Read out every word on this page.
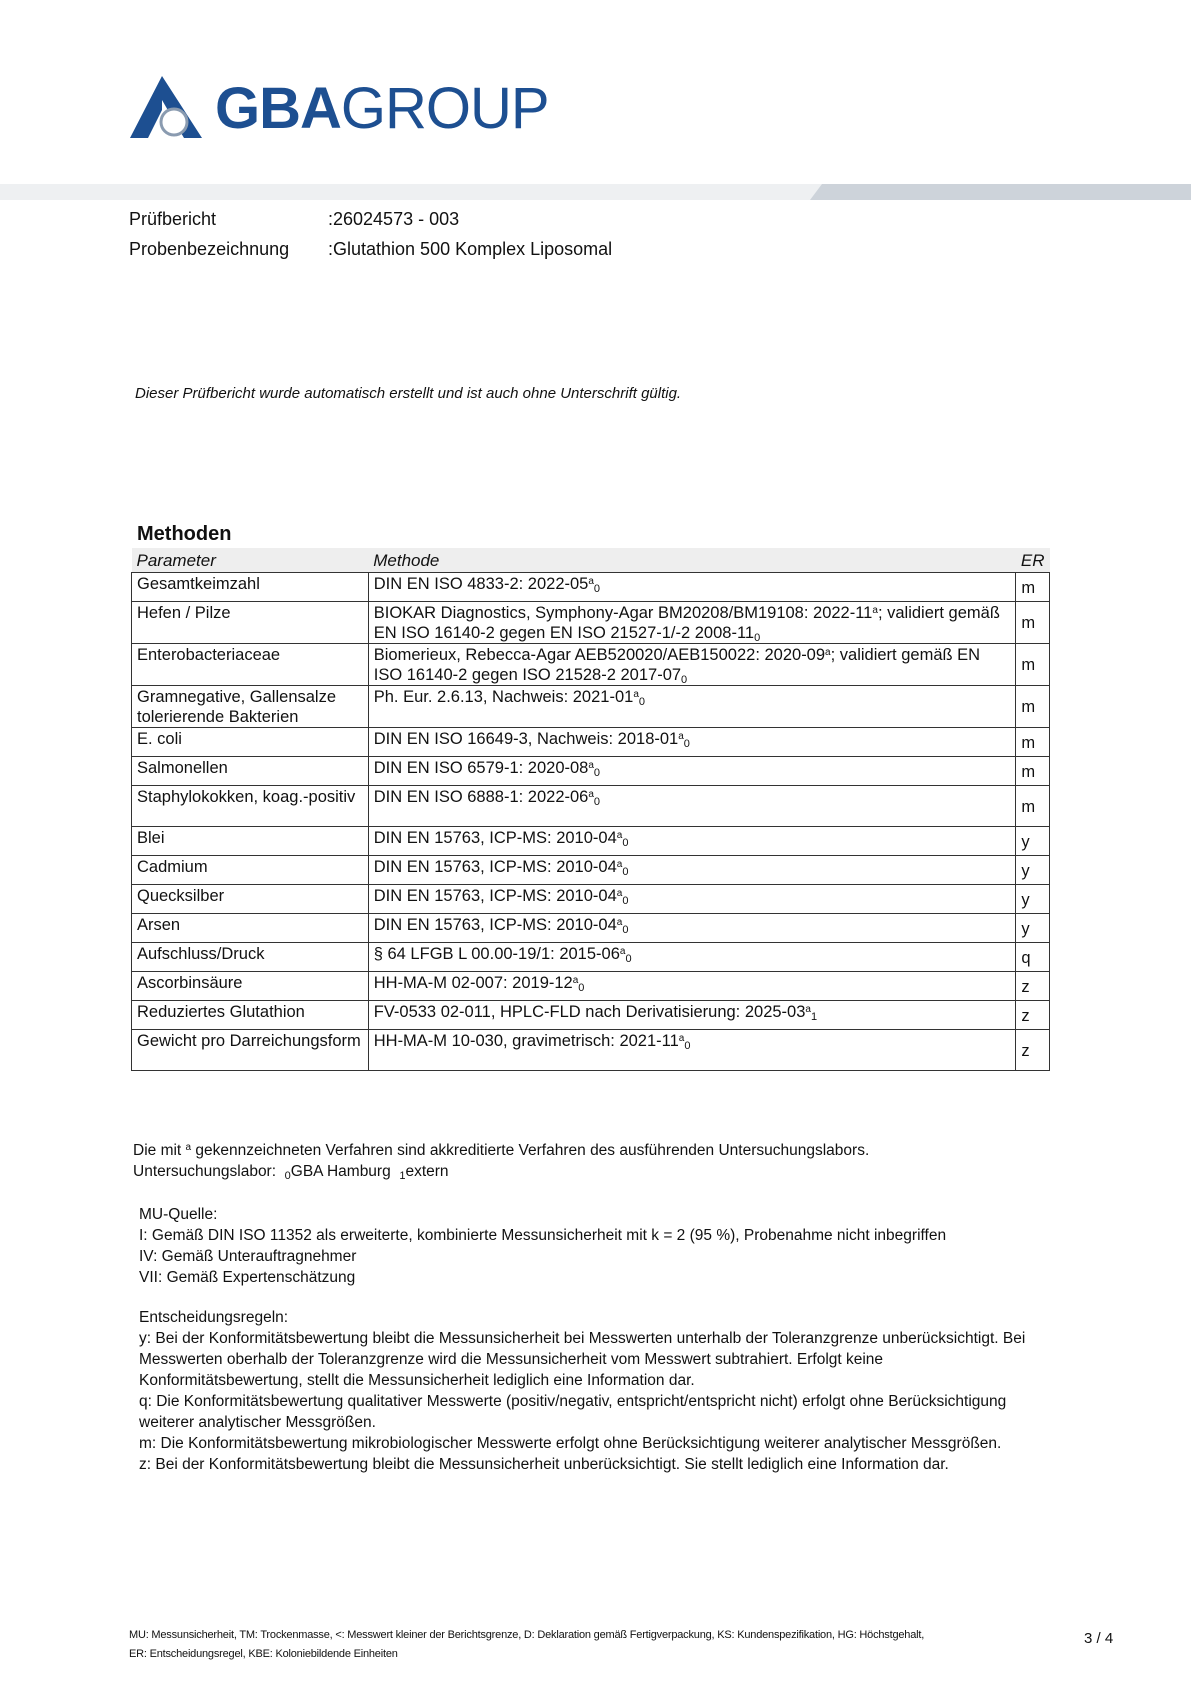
GBAGROUP
Prüfbericht	:26024573 - 003
Probenbezeichnung :Glutathion 500 Komplex Liposomal
Dieser Prüfbericht wurde automatisch erstellt und ist auch ohne Unterschrift gültig.
Methoden
Parameter	Methode	ER
Gesamtkeimzahl	DIN EN ISO 4833-2: $2022-05^a_0$	m
Hefen / Pilze	BIOKAR Diagnostics, Symphony-Agar BM20208/BM19108: 2022-11$^a$; validiert gemäß EN ISO 16140-2 gegen EN ISO 21527-1/-2 $2008-11_0$	m
Enterobacteriaceae	Biomerieux, Rebecca-Agar AEB520020/AEB150022: 2020-09$^a$; validiert gemäß EN ISO 16140-2 gegen ISO 21528-2 $2017-07_0$	m
Gramnegative, Gallensalze tolerierende Bakterien	Ph. Eur. 2.6.13, Nachweis: $2021-01^a_0$	m
E. coli	DIN EN ISO 16649-3, Nachweis: $2018-01^a_0$	m
Salmonellen	DIN EN ISO 6579-1: $2020-08^a_0$	m
Staphylokokken, koag.-positiv	DIN EN ISO 6888-1: $2022-06^a_0$	m
Blei	DIN EN 15763, ICP-MS: $2010-04^a_0$	y
Cadmium	DIN EN 15763, ICP-MS: $2010-04^a_0$	y
Quecksilber	DIN EN 15763, ICP-MS: $2010-04^a_0$	y
Arsen	DIN EN 15763, ICP-MS: $2010-04^a_0$	y
Aufschluss/Druck	§ 64 LFGB L 00.00-19/1: $2015-06^a_0$	q
Ascorbinsäure	HH-MA-M 02-007: $2019-12^a_0$	z
Reduziertes Glutathion	FV-0533 02-011, HPLC-FLD nach Derivatisierung: $2025-03^a_1$	z
Gewicht pro Darreichungsform	HH-MA-M 10-030, gravimetrisch: $2021-11^a_0$	z
Die mit $^a$ gekennzeichneten Verfahren sind akkreditierte Verfahren des ausführenden Untersuchungslabors.
Untersuchungslabor: $_0$GBA Hamburg $_1$extern
MU-Quelle:
I: Gemäß DIN ISO 11352 als erweiterte, kombinierte Messunsicherheit mit k = 2 (95 %), Probenahme nicht inbegriffen
IV: Gemäß Unterauftragnehmer
VII: Gemäß Expertenschätzung
Entscheidungsregeln:
y: Bei der Konformitätsbewertung bleibt die Messunsicherheit bei Messwerten unterhalb der Toleranzgrenze unberücksichtigt. Bei
Messwerten oberhalb der Toleranzgrenze wird die Messunsicherheit vom Messwert subtrahiert. Erfolgt keine
Konformitätsbewertung, stellt die Messunsicherheit lediglich eine Information dar.
q: Die Konformitätsbewertung qualitativer Messwerte (positiv/negativ, entspricht/entspricht nicht) erfolgt ohne Berücksichtigung
weiterer analytischer Messgrößen.
m: Die Konformitätsbewertung mikrobiologischer Messwerte erfolgt ohne Berücksichtigung weiterer analytischer Messgrößen.
z: Bei der Konformitätsbewertung bleibt die Messunsicherheit unberücksichtigt. Sie stellt lediglich eine Information dar.
MU: Messunsicherheit, TM: Trockenmasse, <: Messwert kleiner der Berichtsgrenze, D: Deklaration gemäß Fertigverpackung, KS: Kundenspezifikation, HG: Höchstgehalt,
ER: Entscheidungsregel, KBE: Koloniebildende Einheiten
3 / 4
